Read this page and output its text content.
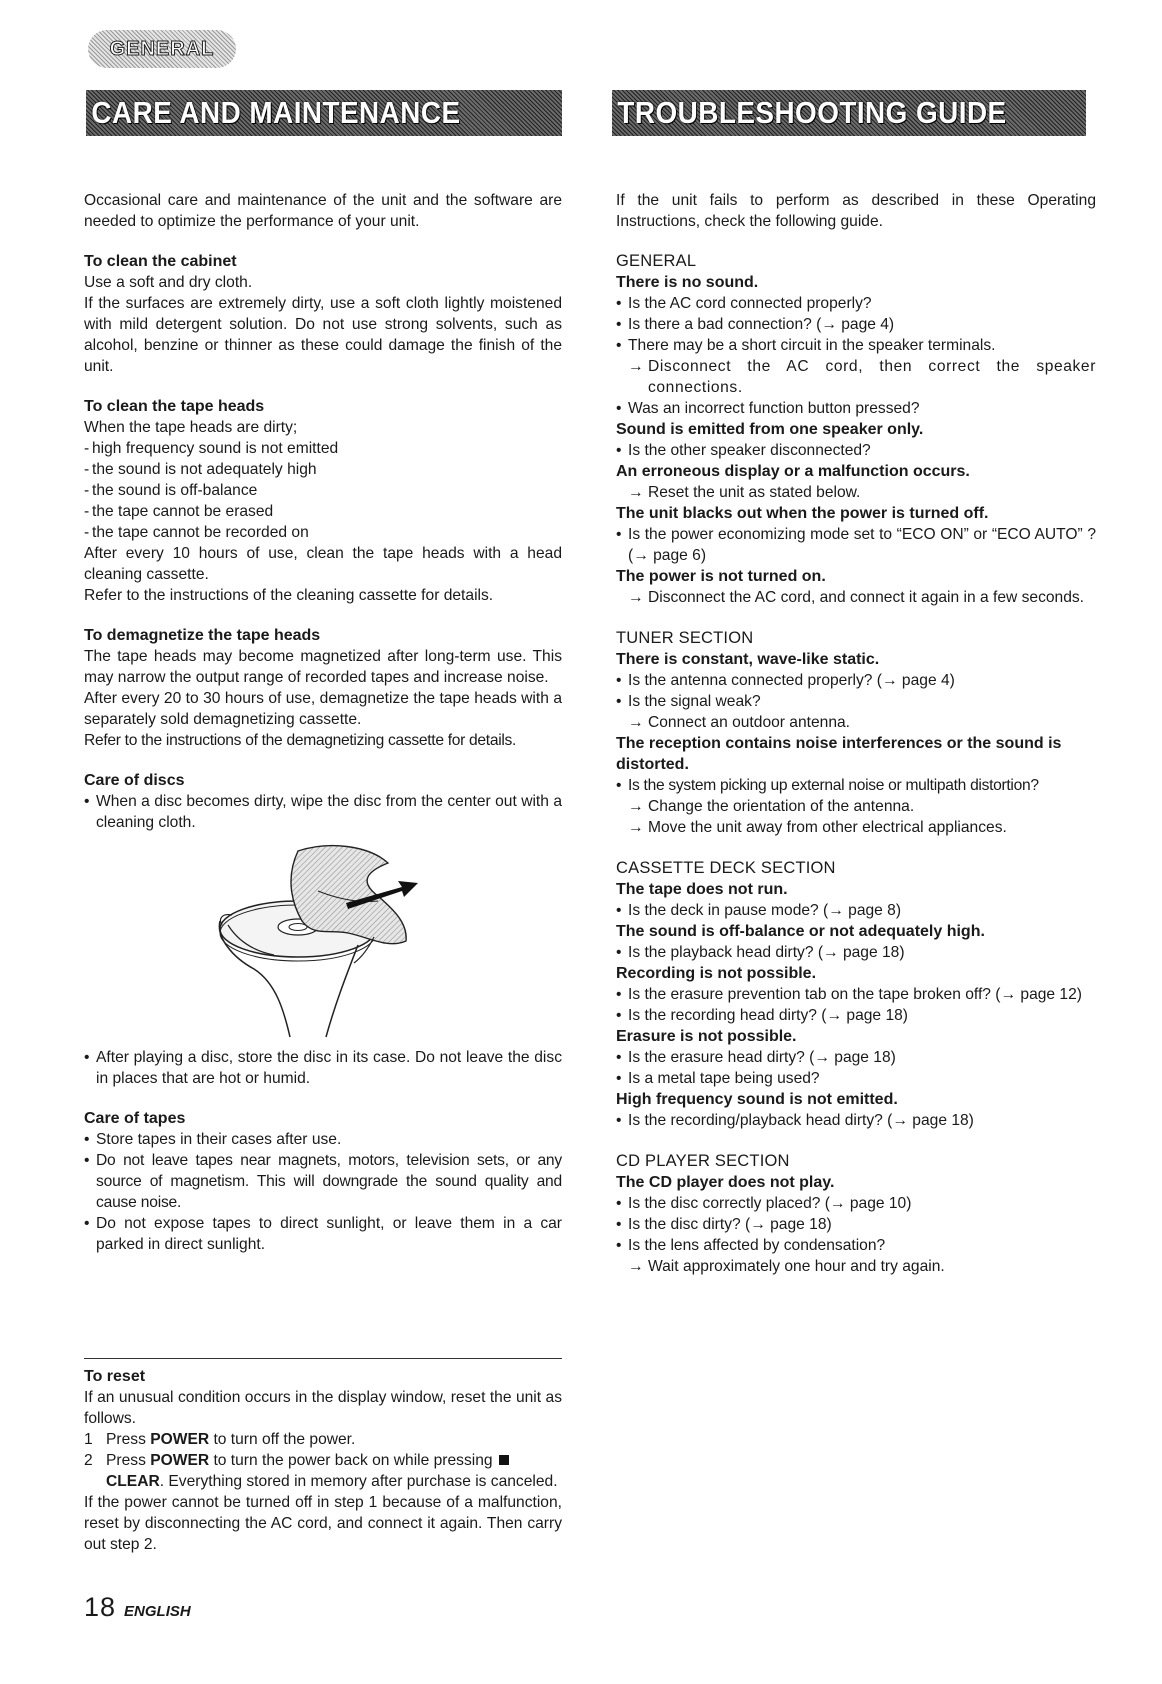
GENERAL
CARE AND MAINTENANCE	TROUBLESHOOTING GUIDE

Occasional care and maintenance of the unit and the software are needed to optimize the performance of your unit.

To clean the cabinet

Use a soft and dry cloth.

If the surfaces are extremely dirty, use a soft cloth lightly moistened with mild detergent solution. Do not use strong solvents, such as alcohol, benzine or thinner as these could damage the finish of the unit.

To clean the tape heads

When the tape heads are dirty;

- high frequency sound is not emitted
- the sound is not adequately high
- the sound is off-balance
- the tape cannot be erased
- the tape cannot be recorded on

After every 10 hours of use, clean the tape heads with a head cleaning cassette.

Refer to the instructions of the cleaning cassette for details.

To demagnetize the tape heads

The tape heads may become magnetized after long-term use. This may narrow the output range of recorded tapes and increase noise.

After every 20 to 30 hours of use, demagnetize the tape heads with a separately sold demagnetizing cassette.

Refer to the instructions of the demagnetizing cassette for details.

Care of discs

• When a disc becomes dirty, wipe the disc from the center out with a cleaning cloth.
• After playing a disc, store the disc in its case. Do not leave the disc in places that are hot or humid.

Care of tapes

• Store tapes in their cases after use.
• Do not leave tapes near magnets, motors, television sets, or any source of magnetism. This will downgrade the sound quality and cause noise.
• Do not expose tapes to direct sunlight, or leave them in a car parked in direct sunlight.

To reset

If an unusual condition occurs in the display window, reset the unit as follows.

1 Press POWER to turn off the power.
2 Press POWER to turn the power back on while pressing
CLEAR. Everything stored in memory after purchase is canceled.

If the power cannot be turned off in step 1 because of a malfunction, reset by disconnecting the AC cord, and connect it again. Then carry out step 2.

If the unit fails to perform as described in these Operating Instructions, check the following guide.

GENERAL

There is no sound.

• Is the AC cord connected properly?
• Is there a bad connection? (→ page 4)
• There may be a short circuit in the speaker terminals.
→ Disconnect the AC cord, then correct the speaker connections.
• Was an incorrect function button pressed?

Sound is emitted from one speaker only.

• Is the other speaker disconnected?

An erroneous display or a malfunction occurs.

→ Reset the unit as stated below.

The unit blacks out when the power is turned off.

• Is the power economizing mode set to “ECO ON” or “ECO AUTO” ? (→ page 6)

The power is not turned on.

→ Disconnect the AC cord, and connect it again in a few seconds.

TUNER SECTION

There is constant, wave-like static.

• Is the antenna connected properly? (→ page 4)
• Is the signal weak?
→ Connect an outdoor antenna.

The reception contains noise interferences or the sound is distorted.

• Is the system picking up external noise or multipath distortion?
→ Change the orientation of the antenna.
→ Move the unit away from other electrical appliances.

CASSETTE DECK SECTION

The tape does not run.

• Is the deck in pause mode? (→ page 8)

The sound is off-balance or not adequately high.

• Is the playback head dirty? (→ page 18)

Recording is not possible.

• Is the erasure prevention tab on the tape broken off? (→ page 12)
• Is the recording head dirty? (→ page 18)

Erasure is not possible.

• Is the erasure head dirty? (→ page 18)
• Is a metal tape being used?

High frequency sound is not emitted.

• Is the recording/playback head dirty? (→ page 18)

CD PLAYER SECTION

The CD player does not play.

• Is the disc correctly placed? (→ page 10)
• Is the disc dirty? (→ page 18)
• Is the lens affected by condensation?
→ Wait approximately one hour and try again.
18 ENGLISH
